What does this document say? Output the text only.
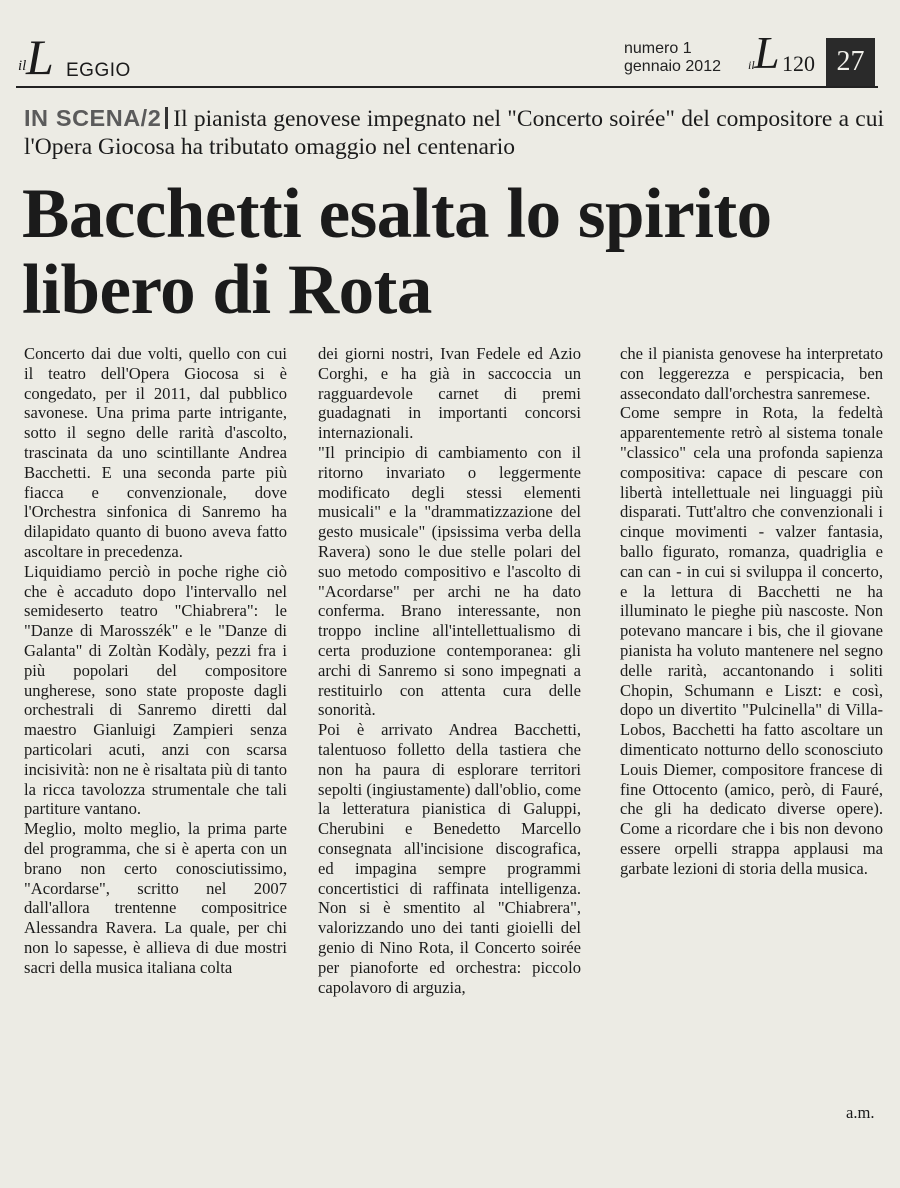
il L EGGIO
numero 1
gennaio 2012 il L 120 27
IN SCENA/2 Il pianista genovese impegnato nel "Concerto soirée" del compositore a cui l'Opera Giocosa ha tributato omaggio nel centenario
Bacchetti esalta lo spirito libero di Rota
Concerto dai due volti, quello con cui il teatro dell'Opera Giocosa si è congedato, per il 2011, dal pubblico savonese. Una prima parte intrigante, sotto il segno delle rarità d'ascolto, trascinata da uno scintillante Andrea Bacchetti. E una seconda parte più fiacca e convenzionale, dove l'Orchestra sinfonica di Sanremo ha dilapidato quanto di buono aveva fatto ascoltare in precedenza.
Liquidiamo perciò in poche righe ciò che è accaduto dopo l'intervallo nel semideserto teatro "Chiabrera": le "Danze di Marosszék" e le "Danze di Galanta" di Zoltàn Kodàly, pezzi fra i più popolari del compositore ungherese, sono state proposte dagli orchestrali di Sanremo diretti dal maestro Gianluigi Zampieri senza particolari acuti, anzi con scarsa incisività: non ne è risaltata più di tanto la ricca tavolozza strumentale che tali partiture vantano.
Meglio, molto meglio, la prima parte del programma, che si è aperta con un brano non certo conosciutissimo, "Acordarse", scritto nel 2007 dall'allora trentenne compositrice Alessandra Ravera. La quale, per chi non lo sapesse, è allieva di due mostri sacri della musica italiana colta
dei giorni nostri, Ivan Fedele ed Azio Corghi, e ha già in saccoccia un ragguardevole carnet di premi guadagnati in importanti concorsi internazionali.
"Il principio di cambiamento con il ritorno invariato o leggermente modificato degli stessi elementi musicali" e la "drammatizzazione del gesto musicale" (ipsissima verba della Ravera) sono le due stelle polari del suo metodo compositivo e l'ascolto di "Acordarse" per archi ne ha dato conferma. Brano interessante, non troppo incline all'intellettualismo di certa produzione contemporanea: gli archi di Sanremo si sono impegnati a restituirlo con attenta cura delle sonorità.
Poi è arrivato Andrea Bacchetti, talentuoso folletto della tastiera che non ha paura di esplorare territori sepolti (ingiustamente) dall'oblio, come la letteratura pianistica di Galuppi, Cherubini e Benedetto Marcello consegnata all'incisione discografica, ed impagina sempre programmi concertistici di raffinata intelligenza. Non si è smentito al "Chiabrera", valorizzando uno dei tanti gioielli del genio di Nino Rota, il Concerto soirée per pianoforte ed orchestra: piccolo capolavoro di arguzia,
che il pianista genovese ha interpretato con leggerezza e perspicacia, ben assecondato dall'orchestra sanremese.
Come sempre in Rota, la fedeltà apparentemente retrò al sistema tonale "classico" cela una profonda sapienza compositiva: capace di pescare con libertà intellettuale nei linguaggi più disparati. Tutt'altro che convenzionali i cinque movimenti - valzer fantasia, ballo figurato, romanza, quadriglia e can can - in cui si sviluppa il concerto, e la lettura di Bacchetti ne ha illuminato le pieghe più nascoste. Non potevano mancare i bis, che il giovane pianista ha voluto mantenere nel segno delle rarità, accantonando i soliti Chopin, Schumann e Liszt: e così, dopo un divertito "Pulcinella" di Villa-Lobos, Bacchetti ha fatto ascoltare un dimenticato notturno dello sconosciuto Louis Diemer, compositore francese di fine Ottocento (amico, però, di Fauré, che gli ha dedicato diverse opere). Come a ricordare che i bis non devono essere orpelli strappa applausi ma garbate lezioni di storia della musica.
a.m.
